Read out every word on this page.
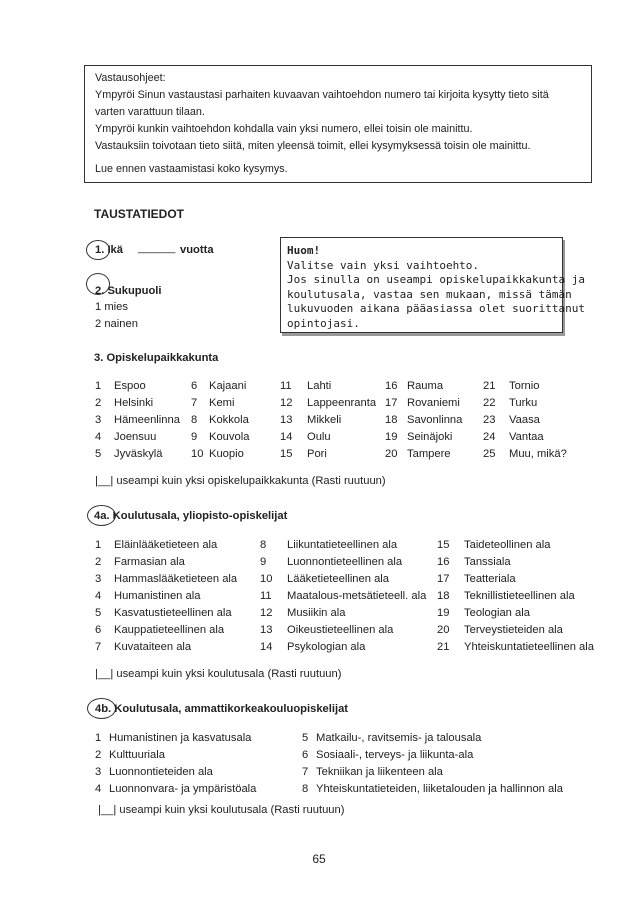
Vastausohjeet:
Ympyröi Sinun vastaustasi parhaiten kuvaavan vaihtoehdon numero tai kirjoita kysytty tieto sitä
varten varattuun tilaan.
Ympyröi kunkin vaihtoehdon kohdalla vain yksi numero, ellei toisin ole mainittu.
Vastauksiin toivotaan tieto siitä, miten yleensä toimit, ellei kysymyksessä toisin ole mainittu.
Lue ennen vastaamistasi koko kysymys.
TAUSTATIEDOT
1. Ikä ______ vuotta
2. Sukupuoli
1 mies
2 nainen
Huom!
Valitse vain yksi vaihtoehto.
Jos sinulla on useampi opiskelupaikkakunta ja
koulutusala, vastaa sen mukaan, missä tämän
lukuvuoden aikana pääasiassa olet suorittanut
opintojasi.
3. Opiskelupaikkakunta
1	Espoo	6	Kajaani	11	Lahti	16	Rauma	21	Tornio
2	Helsinki	7	Kemi	12	Lappeenranta	17	Rovaniemi	22	Turku
3	Hämeenlinna	8	Kokkola	13	Mikkeli	18	Savonlinna	23	Vaasa
4	Joensuu	9	Kouvola	14	Oulu	19	Seinäjoki	24	Vantaa
5	Jyväskylä	10	Kuopio	15	Pori	20	Tampere	25	Muu, mikä?
|__| useampi kuin yksi opiskelupaikkakunta (Rasti ruutuun)
4a. Koulutusala, yliopisto-opiskelijat
1	Eläinlääketieteen ala	8	Liikuntatieteellinen ala	15	Taideteollinen ala
2	Farmasian ala	9	Luonnontieteellinen ala	16	Tanssiala
3	Hammaslääketieteen ala	10	Lääketieteellinen ala	17	Teatteriala
4	Humanistinen ala	11	Maatalous-metsätieteell. ala	18	Teknillistieteellinen ala
5	Kasvatustieteellinen ala	12	Musiikin ala	19	Teologian ala
6	Kauppatieteellinen ala	13	Oikeustieteellinen ala	20	Terveystieteiden ala
7	Kuvataiteen ala	14	Psykologian ala	21	Yhteiskuntatieteellinen ala
|__| useampi kuin yksi koulutusala (Rasti ruutuun)
4b. Koulutusala, ammattikorkeakouluopiskelijat
1	Humanistinen ja kasvatusala	5	Matkailu-, ravitsemis- ja talousala
2	Kulttuuriala	6	Sosiaali-, terveys- ja liikunta-ala
3	Luonnontieteiden ala	7	Tekniikan ja liikenteen ala
4	Luonnonvara- ja ympäristöala	8	Yhteiskuntatieteiden, liiketalouden ja hallinnon ala
|__| useampi kuin yksi koulutusala (Rasti ruutuun)
65
